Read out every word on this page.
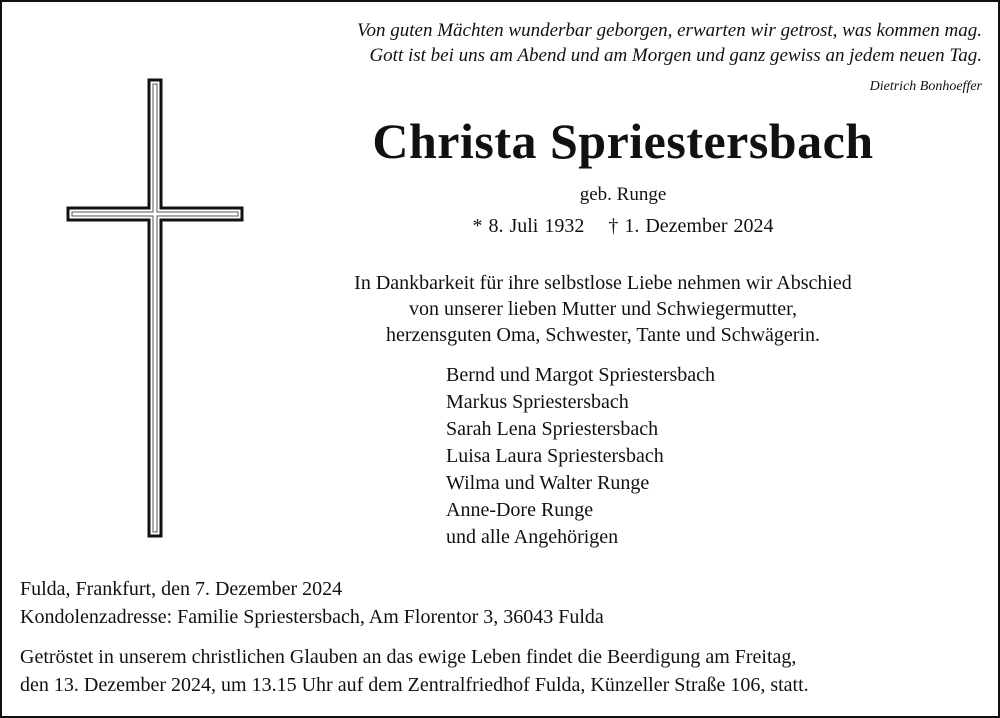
Von guten Mächten wunderbar geborgen, erwarten wir getrost, was kommen mag.
Gott ist bei uns am Abend und am Morgen und ganz gewiss an jedem neuen Tag.
Dietrich Bonhoeffer
Christa Spriestersbach
geb. Runge
* 8. Juli 1932 † 1. Dezember 2024
In Dankbarkeit für ihre selbstlose Liebe nehmen wir Abschied
von unserer lieben Mutter und Schwiegermutter,
herzensguten Oma, Schwester, Tante und Schwägerin.
Bernd und Margot Spriestersbach
Markus Spriestersbach
Sarah Lena Spriestersbach
Luisa Laura Spriestersbach
Wilma und Walter Runge
Anne-Dore Runge
und alle Angehörigen
Fulda, Frankfurt, den 7. Dezember 2024
Kondolenzadresse: Familie Spriestersbach, Am Florentor 3, 36043 Fulda
Getröstet in unserem christlichen Glauben an das ewige Leben findet die Beerdigung am Freitag,
den 13. Dezember 2024, um 13.15 Uhr auf dem Zentralfriedhof Fulda, Künzeller Straße 106, statt.
